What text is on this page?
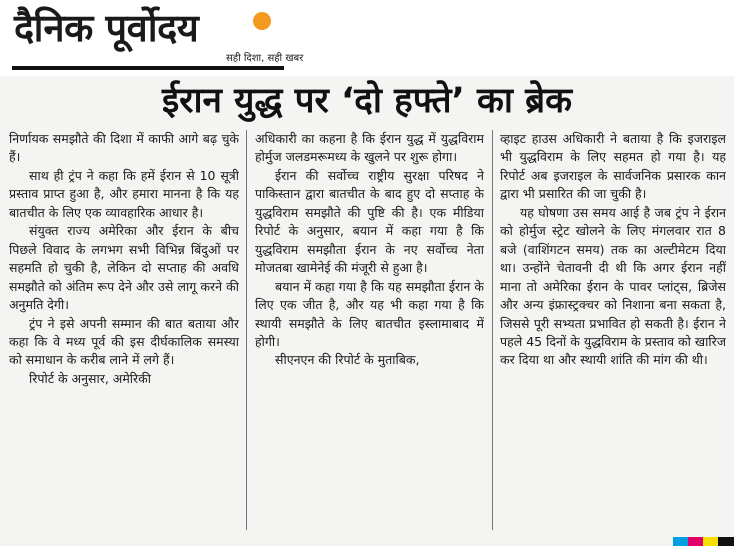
दैनिक पूर्वोदय
सही दिशा, सही खबर
ईरान युद्ध पर ‘दो हफ्ते’ का ब्रेक

निर्णायक समझौते की दिशा में काफी आगे बढ़ चुके हैं।

साथ ही ट्रंप ने कहा कि हमें ईरान से 10 सूत्री प्रस्ताव प्राप्त हुआ है, और हमारा मानना है कि यह बातचीत के लिए एक व्यावहारिक आधार है।

संयुक्त राज्य अमेरिका और ईरान के बीच पिछले विवाद के लगभग सभी विभिन्न बिंदुओं पर सहमति हो चुकी है, लेकिन दो सप्ताह की अवधि समझौते को अंतिम रूप देने और उसे लागू करने की अनुमति देगी।

ट्रंप ने इसे अपनी सम्मान की बात बताया और कहा कि वे मध्य पूर्व की इस दीर्घकालिक समस्या को समाधान के करीब लाने में लगे हैं।

रिपोर्ट के अनुसार, अमेरिकी

अधिकारी का कहना है कि ईरान युद्ध में युद्धविराम होर्मुज जलडमरूमध्य के खुलने पर शुरू होगा।

ईरान की सर्वोच्च राष्ट्रीय सुरक्षा परिषद ने पाकिस्तान द्वारा बातचीत के बाद हुए दो सप्ताह के युद्धविराम समझौते की पुष्टि की है। एक मीडिया रिपोर्ट के अनुसार, बयान में कहा गया है कि युद्धविराम समझौता ईरान के नए सर्वोच्च नेता मोजतबा खामेनेई की मंजूरी से हुआ है।

बयान में कहा गया है कि यह समझौता ईरान के लिए एक जीत है, और यह भी कहा गया है कि स्थायी समझौते के लिए बातचीत इस्लामाबाद में होगी।

सीएनएन की रिपोर्ट के मुताबिक,

व्हाइट हाउस अधिकारी ने बताया है कि इजराइल भी युद्धविराम के लिए सहमत हो गया है। यह रिपोर्ट अब इजराइल के सार्वजनिक प्रसारक कान द्वारा भी प्रसारित की जा चुकी है।

यह घोषणा उस समय आई है जब ट्रंप ने ईरान को होर्मुज स्ट्रेट खोलने के लिए मंगलवार रात 8 बजे (वाशिंगटन समय) तक का अल्टीमेटम दिया था। उन्होंने चेतावनी दी थी कि अगर ईरान नहीं माना तो अमेरिका ईरान के पावर प्लांट्स, ब्रिजेस और अन्य इंफ्रास्ट्रक्चर को निशाना बना सकता है, जिससे पूरी सभ्यता प्रभावित हो सकती है। ईरान ने पहले 45 दिनों के युद्धविराम के प्रस्ताव को खारिज कर दिया था और स्थायी शांति की मांग की थी।
